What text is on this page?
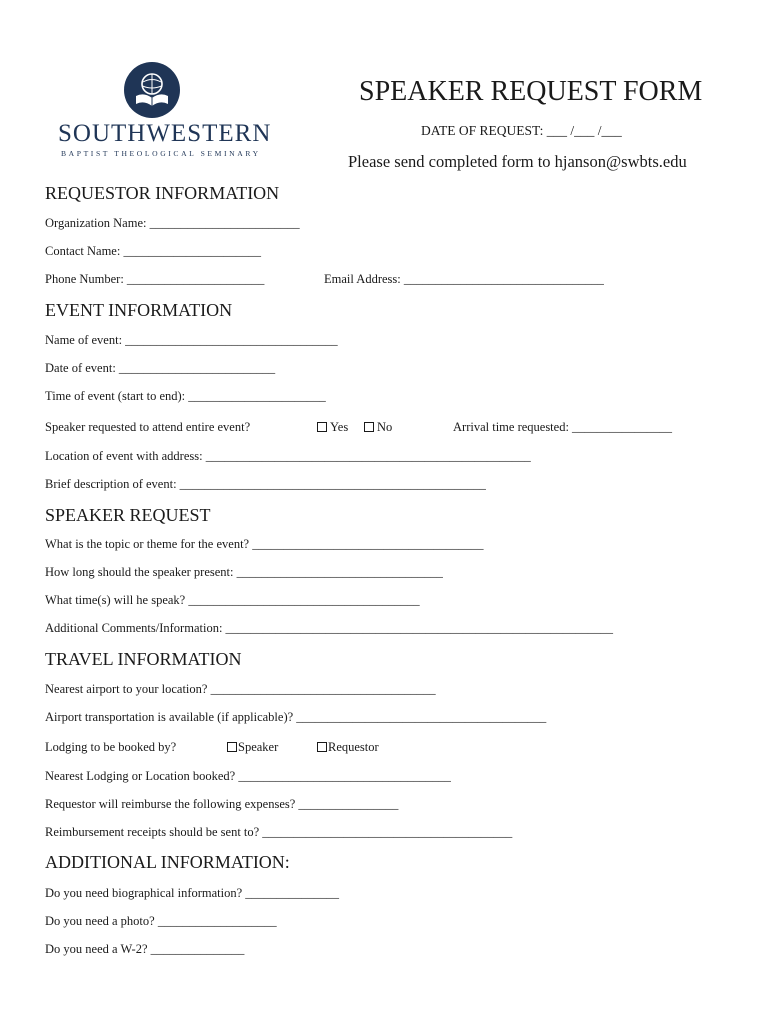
SOUTHWESTERN
BAPTIST THEOLOGICAL SEMINARY
SPEAKER REQUEST FORM
DATE OF REQUEST: ___ /___ /___
Please send completed form to hjanson@swbts.edu
REQUESTOR INFORMATION
Organization Name: ________________________
Contact Name: ______________________
Phone Number: ______________________	Email Address: ________________________________
EVENT INFORMATION
Name of event: __________________________________
Date of event: _________________________
Time of event (start to end): ______________________
Speaker requested to attend entire event?	Yes	No	Arrival time requested: ________________
Location of event with address: ____________________________________________________
Brief description of event: _________________________________________________
SPEAKER REQUEST
What is the topic or theme for the event? _____________________________________
How long should the speaker present: _________________________________
What time(s) will he speak? _____________________________________
Additional Comments/Information: ______________________________________________________________
TRAVEL INFORMATION
Nearest airport to your location? ____________________________________
Airport transportation is available (if applicable)? ________________________________________
Lodging to be booked by?	Speaker	Requestor
Nearest Lodging or Location booked? __________________________________
Requestor will reimburse the following expenses? ________________
Reimbursement receipts should be sent to? ________________________________________
ADDITIONAL INFORMATION:
Do you need biographical information? _______________
Do you need a photo? ___________________
Do you need a W-2? _______________
